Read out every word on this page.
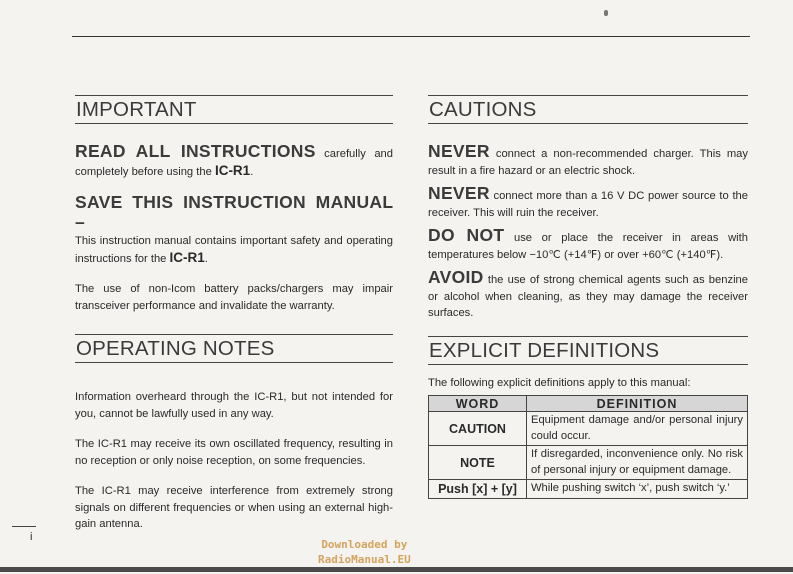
IMPORTANT
READ ALL INSTRUCTIONS carefully and completely before using the IC-R1.
SAVE THIS INSTRUCTION MANUAL –
This instruction manual contains important safety and operating instructions for the IC-R1.
The use of non-Icom battery packs/chargers may impair transceiver performance and invalidate the warranty.
OPERATING NOTES
Information overheard through the IC-R1, but not intended for you, cannot be lawfully used in any way.
The IC-R1 may receive its own oscillated frequency, resulting in no reception or only noise reception, on some frequencies.
The IC-R1 may receive interference from extremely strong signals on different frequencies or when using an external high-gain antenna.
CAUTIONS
NEVER connect a non-recommended charger. This may result in a fire hazard or an electric shock.
NEVER connect more than a 16 V DC power source to the receiver. This will ruin the receiver.
DO NOT use or place the receiver in areas with temperatures below −10℃ (+14℉) or over +60℃ (+140℉).
AVOID the use of strong chemical agents such as benzine or alcohol when cleaning, as they may damage the receiver surfaces.
EXPLICIT DEFINITIONS
The following explicit definitions apply to this manual:
WORD	DEFINITION
CAUTION	Equipment damage and/or personal injury could occur.
NOTE	If disregarded, inconvenience only. No risk of personal injury or equipment damage.
Push [x] + [y]	While pushing switch ‘x’, push switch ‘y.’
i
Downloaded by
RadioManual.EU
